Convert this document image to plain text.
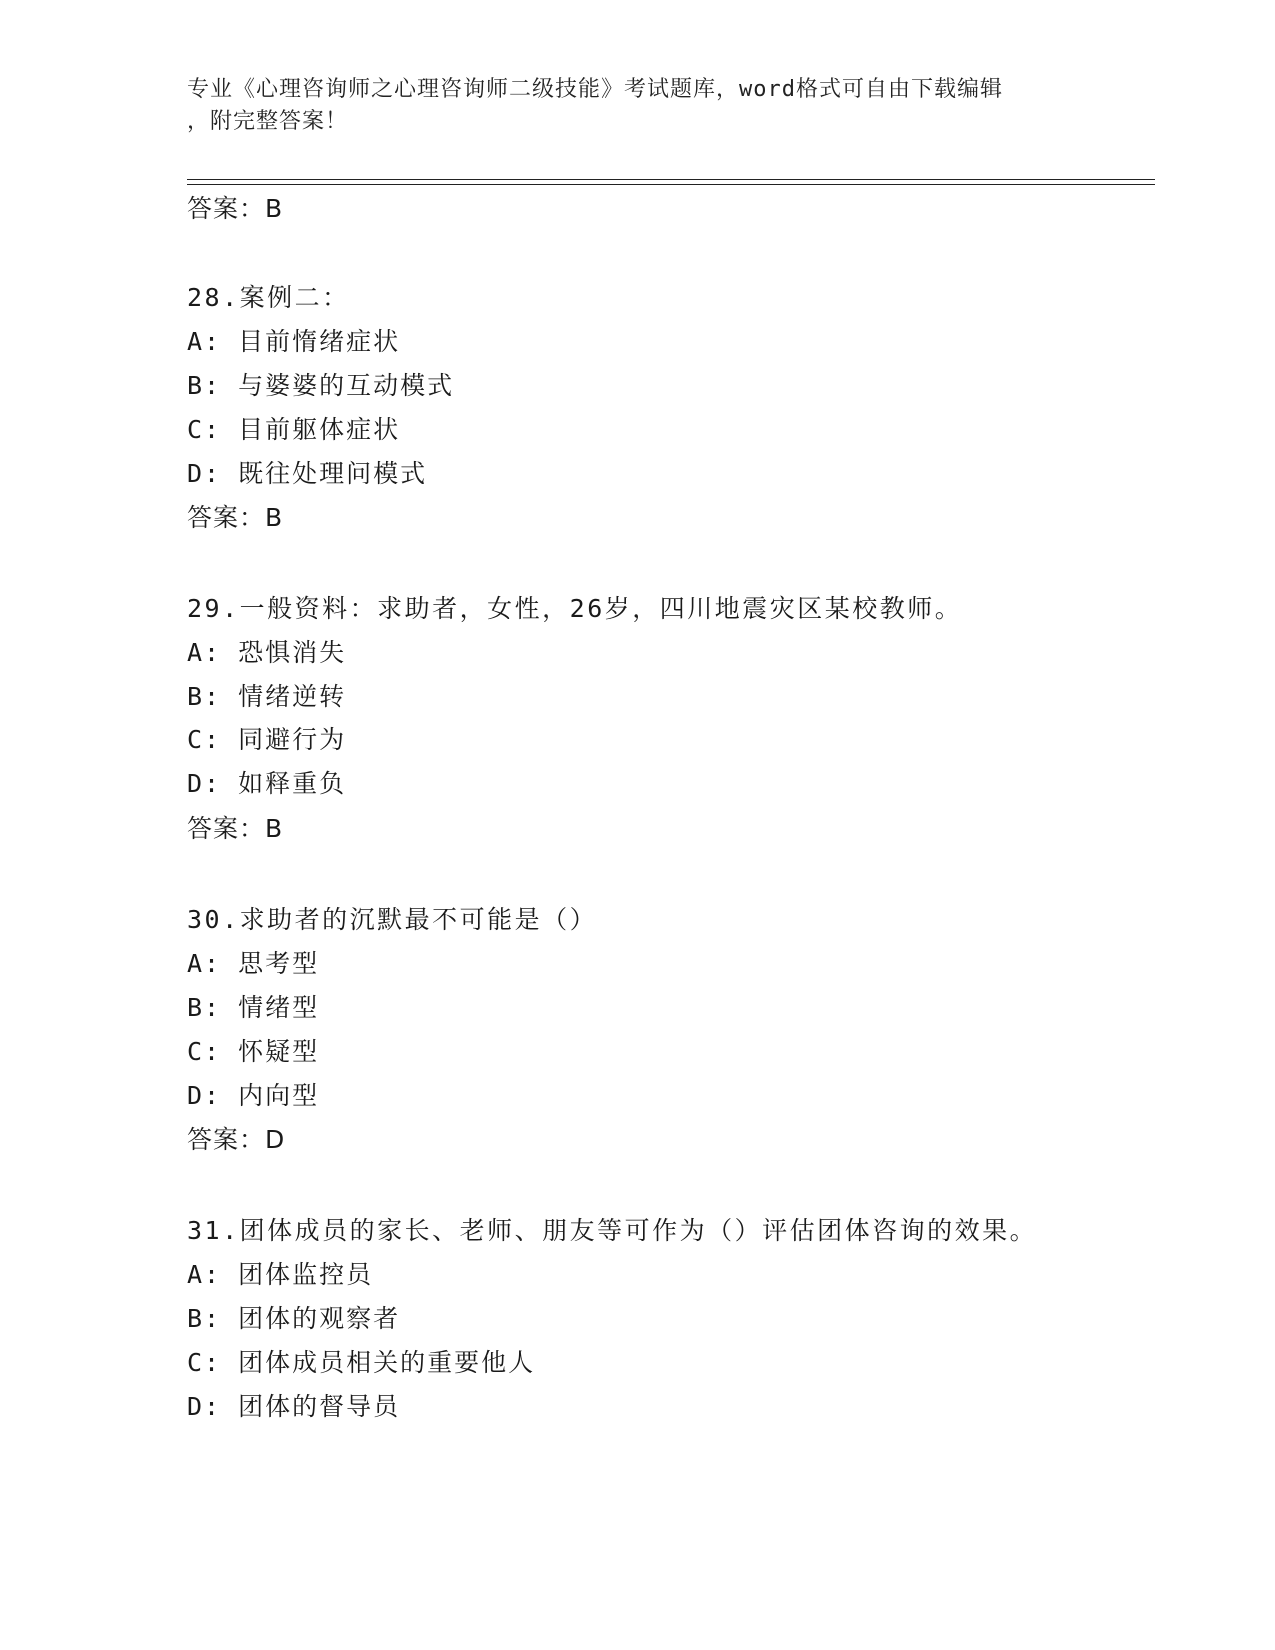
专业《心理咨询师之心理咨询师二级技能》考试题库，word格式可自由下载编辑
，附完整答案！
答案：B
28.案例二：
A: 目前惰绪症状
B: 与婆婆的互动模式
C: 目前躯体症状
D: 既往处理问模式
答案：B
29.一般资料：求助者，女性，26岁，四川地震灾区某校教师。
A: 恐惧消失
B: 情绪逆转
C: 同避行为
D: 如释重负
答案：B
30.求助者的沉默最不可能是（）
A: 思考型
B: 情绪型
C: 怀疑型
D: 内向型
答案：D
31.团体成员的家长、老师、朋友等可作为（）评估团体咨询的效果。
A: 团体监控员
B: 团体的观察者
C: 团体成员相关的重要他人
D: 团体的督导员
